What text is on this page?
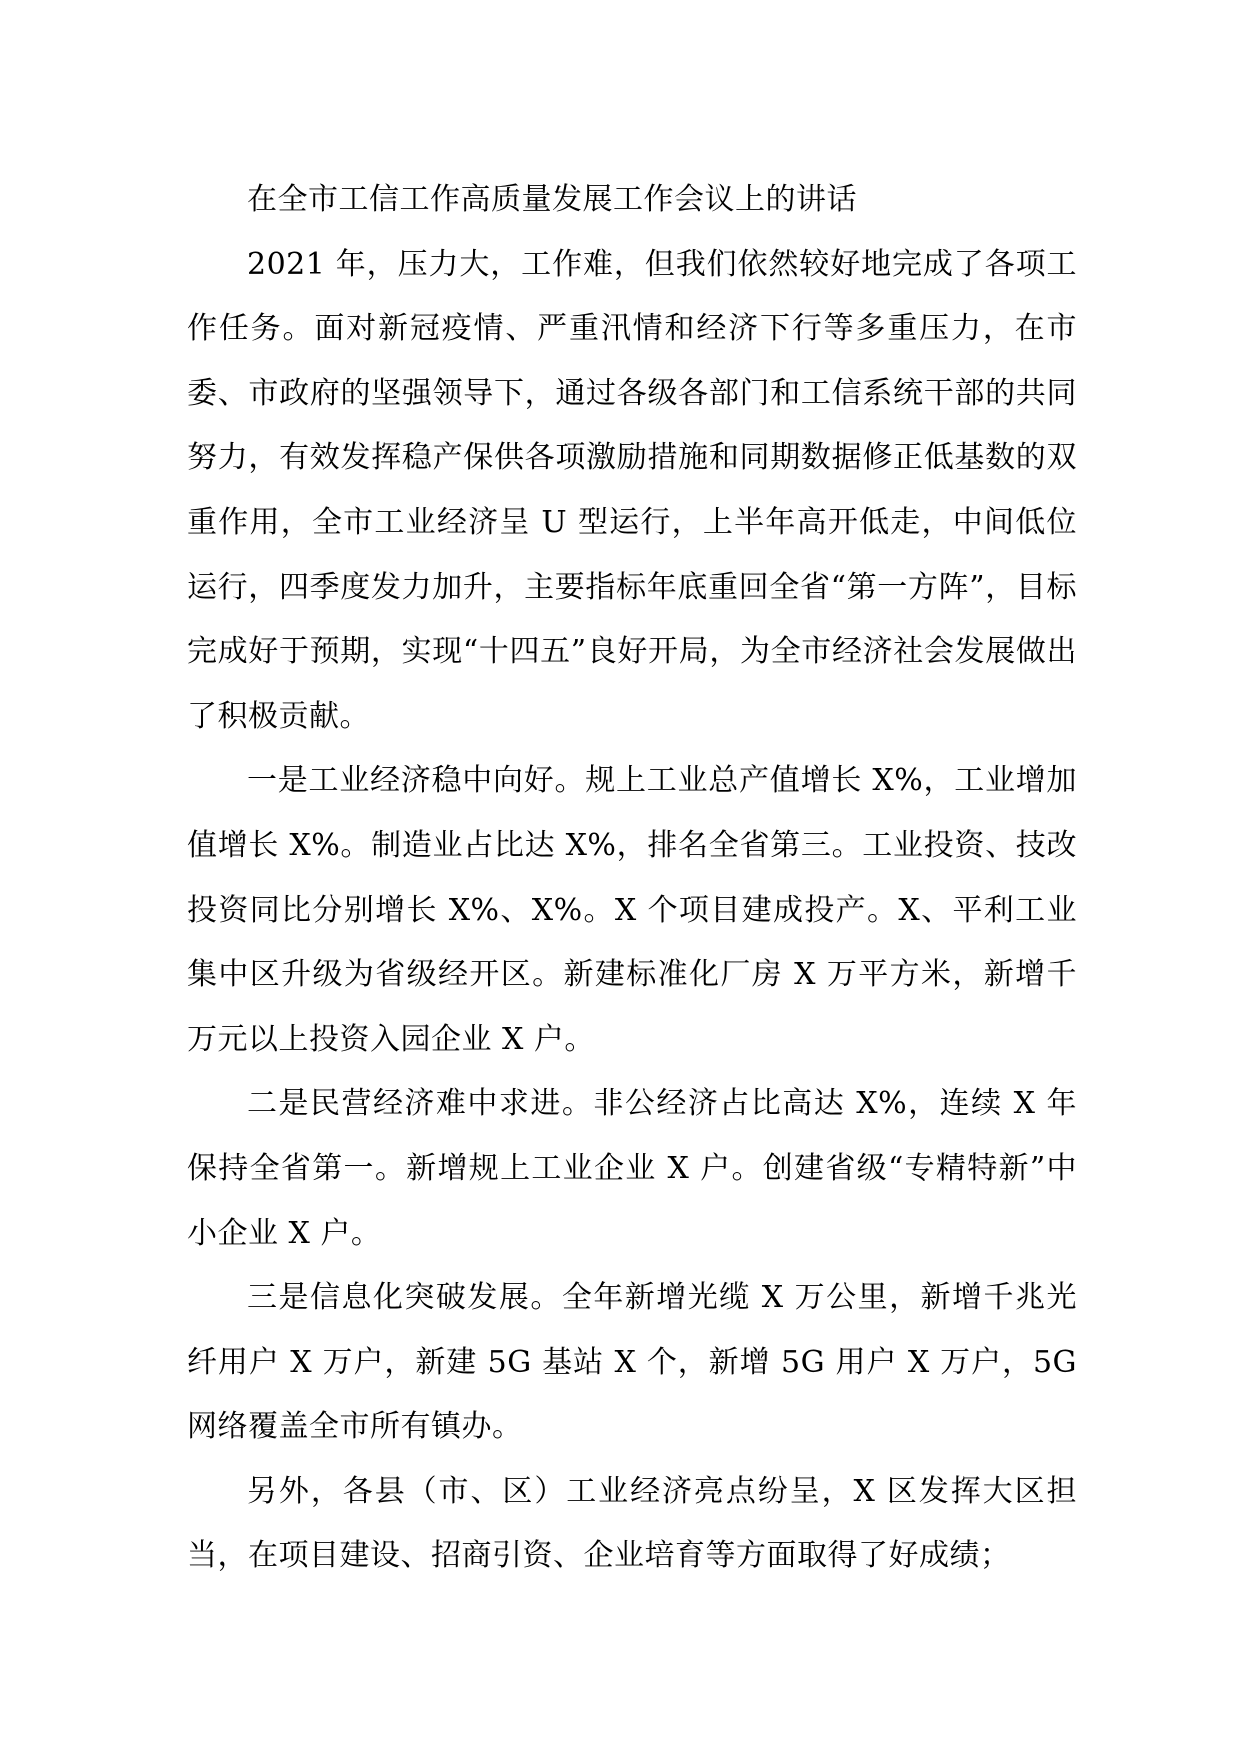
在全市工信工作高质量发展工作会议上的讲话

2021 年，压力大，工作难，但我们依然较好地完成了各项工作任务。面对新冠疫情、严重汛情和经济下行等多重压力，在市委、市政府的坚强领导下，通过各级各部门和工信系统干部的共同努力，有效发挥稳产保供各项激励措施和同期数据修正低基数的双重作用，全市工业经济呈 U 型运行，上半年高开低走，中间低位运行，四季度发力加升，主要指标年底重回全省“第一方阵”，目标完成好于预期，实现“十四五”良好开局，为全市经济社会发展做出了积极贡献。

一是工业经济稳中向好。规上工业总产值增长 X%，工业增加值增长 X%。制造业占比达 X%，排名全省第三。工业投资、技改投资同比分别增长 X%、X%。X 个项目建成投产。X、平利工业集中区升级为省级经开区。新建标准化厂房 X 万平方米，新增千万元以上投资入园企业 X 户。

二是民营经济难中求进。非公经济占比高达 X%，连续 X 年保持全省第一。新增规上工业企业 X 户。创建省级“专精特新”中小企业 X 户。

三是信息化突破发展。全年新增光缆 X 万公里，新增千兆光纤用户 X 万户，新建 5G 基站 X 个，新增 5G 用户 X 万户，5G 网络覆盖全市所有镇办。

另外，各县（市、区）工业经济亮点纷呈，X 区发挥大区担当，在项目建设、招商引资、企业培育等方面取得了好成绩；
